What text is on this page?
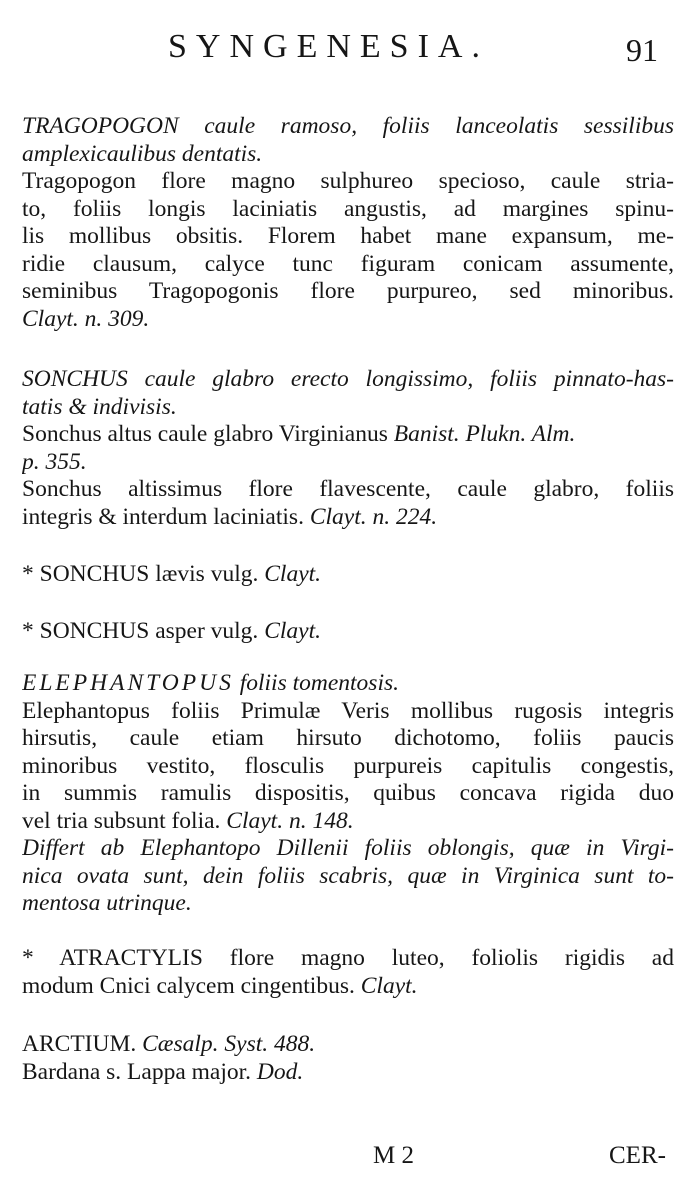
SYNGENESIA.	91
TRAGOPOGON caule ramoso, foliis lanceolatis sessilibus
amplexicaulibus dentatis.
Tragopogon flore magno sulphureo specioso, caule stria-
to, foliis longis laciniatis angustis, ad margines spinu-
lis mollibus obsitis. Florem habet mane expansum, me-
ridie clausum, calyce tunc figuram conicam assumente,
seminibus Tragopogonis flore purpureo, sed minoribus.
Clayt. n. 309.
SONCHUS caule glabro erecto longissimo, foliis pinnato-has-
tatis & indivisis.
Sonchus altus caule glabro Virginianus Banist. Plukn. Alm.
p. 355.
Sonchus altissimus flore flavescente, caule glabro, foliis
integris & interdum laciniatis. Clayt. n. 224.
* SONCHUS lævis vulg. Clayt.
* SONCHUS asper vulg. Clayt.
ELEPHANTOPUS foliis tomentosis.
Elephantopus foliis Primulæ Veris mollibus rugosis integris
hirsutis, caule etiam hirsuto dichotomo, foliis paucis
minoribus vestito, flosculis purpureis capitulis congestis,
in summis ramulis dispositis, quibus concava rigida duo
vel tria subsunt folia. Clayt. n. 148.
Differt ab Elephantopo Dillenii foliis oblongis, quæ in Virgi-
nica ovata sunt, dein foliis scabris, quæ in Virginica sunt to-
mentosa utrinque.
* ATRACTYLIS flore magno luteo, foliolis rigidis ad
modum Cnici calycem cingentibus. Clayt.
ARCTIUM. Cæsalp. Syst. 488.
Bardana s. Lappa major. Dod.
M 2	CER-
